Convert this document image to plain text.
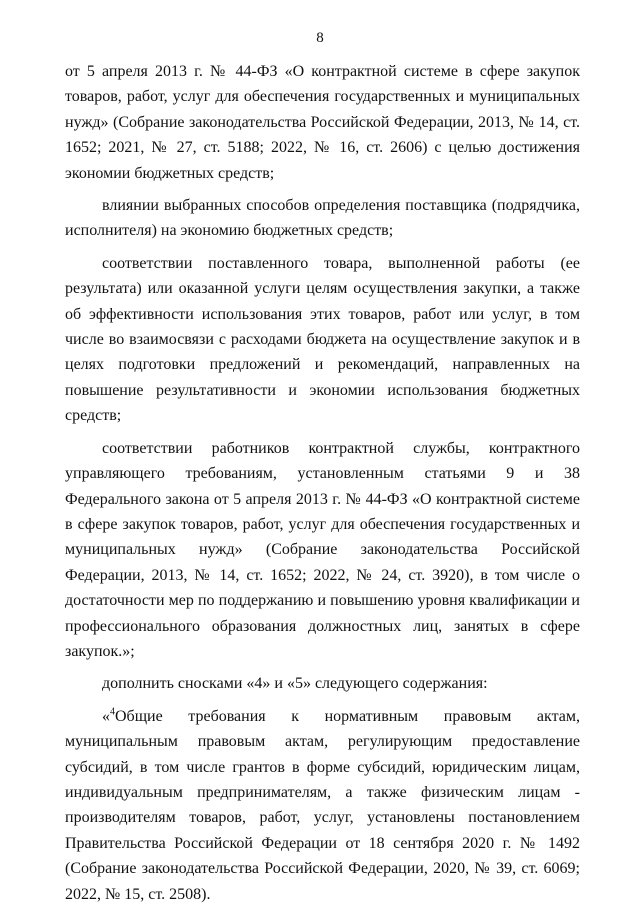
8

от 5 апреля 2013 г. № 44-ФЗ «О контрактной системе в сфере закупок товаров, работ, услуг для обеспечения государственных и муниципальных нужд» (Собрание законодательства Российской Федерации, 2013, № 14, ст. 1652; 2021, № 27, ст. 5188; 2022, № 16, ст. 2606) с целью достижения экономии бюджетных средств;

влиянии выбранных способов определения поставщика (подрядчика, исполнителя) на экономию бюджетных средств;

соответствии поставленного товара, выполненной работы (ее результата) или оказанной услуги целям осуществления закупки, а также об эффективности использования этих товаров, работ или услуг, в том числе во взаимосвязи с расходами бюджета на осуществление закупок и в целях подготовки предложений и рекомендаций, направленных на повышение результативности и экономии использования бюджетных средств;

соответствии работников контрактной службы, контрактного управляющего требованиям, установленным статьями 9 и 38 Федерального закона от 5 апреля 2013 г. № 44-ФЗ «О контрактной системе в сфере закупок товаров, работ, услуг для обеспечения государственных и муниципальных нужд» (Собрание законодательства Российской Федерации, 2013, № 14, ст. 1652; 2022, № 24, ст. 3920), в том числе о достаточности мер по поддержанию и повышению уровня квалификации и профессионального образования должностных лиц, занятых в сфере закупок.»;

дополнить сносками «4» и «5» следующего содержания:

«$^4$Общие требования к нормативным правовым актам, муниципальным правовым актам, регулирующим предоставление субсидий, в том числе грантов в форме субсидий, юридическим лицам, индивидуальным предпринимателям, а также физическим лицам - производителям товаров, работ, услуг, установлены постановлением Правительства Российской Федерации от 18 сентября 2020 г. № 1492 (Собрание законодательства Российской Федерации, 2020, № 39, ст. 6069; 2022, № 15, ст. 2508).
